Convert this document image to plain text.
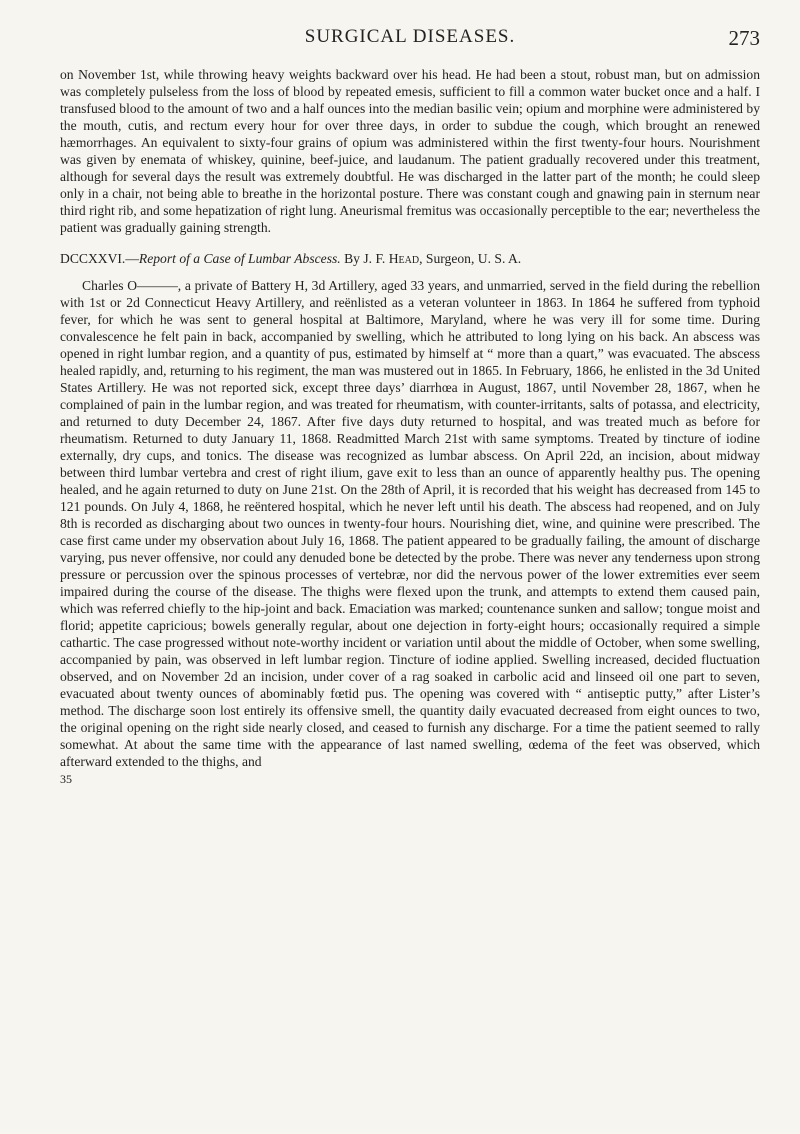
SURGICAL DISEASES.	273

on November 1st, while throwing heavy weights backward over his head. He had been a stout, robust man, but on admission was completely pulseless from the loss of blood by repeated emesis, sufficient to fill a common water bucket once and a half. I transfused blood to the amount of two and a half ounces into the median basilic vein; opium and morphine were administered by the mouth, cutis, and rectum every hour for over three days, in order to subdue the cough, which brought an renewed hæmorrhages. An equivalent to sixty-four grains of opium was administered within the first twenty-four hours. Nourishment was given by enemata of whiskey, quinine, beef-juice, and laudanum. The patient gradually recovered under this treatment, although for several days the result was extremely doubtful. He was discharged in the latter part of the month; he could sleep only in a chair, not being able to breathe in the horizontal posture. There was constant cough and gnawing pain in sternum near third right rib, and some hepatization of right lung. Aneurismal fremitus was occasionally perceptible to the ear; nevertheless the patient was gradually gaining strength.

DCCXXVI.—Report of a Case of Lumbar Abscess. By J. F. Head, Surgeon, U. S. A.

Charles O———, a private of Battery H, 3d Artillery, aged 33 years, and unmarried, served in the field during the rebellion with 1st or 2d Connecticut Heavy Artillery, and reënlisted as a veteran volunteer in 1863. In 1864 he suffered from typhoid fever, for which he was sent to general hospital at Baltimore, Maryland, where he was very ill for some time. During convalescence he felt pain in back, accompanied by swelling, which he attributed to long lying on his back. An abscess was opened in right lumbar region, and a quantity of pus, estimated by himself at “ more than a quart,” was evacuated. The abscess healed rapidly, and, returning to his regiment, the man was mustered out in 1865. In February, 1866, he enlisted in the 3d United States Artillery. He was not reported sick, except three days’ diarrhœa in August, 1867, until November 28, 1867, when he complained of pain in the lumbar region, and was treated for rheumatism, with counter-irritants, salts of potassa, and electricity, and returned to duty December 24, 1867. After five days duty returned to hospital, and was treated much as before for rheumatism. Returned to duty January 11, 1868. Readmitted March 21st with same symptoms. Treated by tincture of iodine externally, dry cups, and tonics. The disease was recognized as lumbar abscess. On April 22d, an incision, about midway between third lumbar vertebra and crest of right ilium, gave exit to less than an ounce of apparently healthy pus. The opening healed, and he again returned to duty on June 21st. On the 28th of April, it is recorded that his weight has decreased from 145 to 121 pounds. On July 4, 1868, he reëntered hospital, which he never left until his death. The abscess had reopened, and on July 8th is recorded as discharging about two ounces in twenty-four hours. Nourishing diet, wine, and quinine were prescribed. The case first came under my observation about July 16, 1868. The patient appeared to be gradually failing, the amount of discharge varying, pus never offensive, nor could any denuded bone be detected by the probe. There was never any tenderness upon strong pressure or percussion over the spinous processes of vertebræ, nor did the nervous power of the lower extremities ever seem impaired during the course of the disease. The thighs were flexed upon the trunk, and attempts to extend them caused pain, which was referred chiefly to the hip-joint and back. Emaciation was marked; countenance sunken and sallow; tongue moist and florid; appetite capricious; bowels generally regular, about one dejection in forty-eight hours; occasionally required a simple cathartic. The case progressed without note-worthy incident or variation until about the middle of October, when some swelling, accompanied by pain, was observed in left lumbar region. Tincture of iodine applied. Swelling increased, decided fluctuation observed, and on November 2d an incision, under cover of a rag soaked in carbolic acid and linseed oil one part to seven, evacuated about twenty ounces of abominably fœtid pus. The opening was covered with “ antiseptic putty,” after Lister’s method. The discharge soon lost entirely its offensive smell, the quantity daily evacuated decreased from eight ounces to two, the original opening on the right side nearly closed, and ceased to furnish any discharge. For a time the patient seemed to rally somewhat. At about the same time with the appearance of last named swelling, œdema of the feet was observed, which afterward extended to the thighs, and

35
